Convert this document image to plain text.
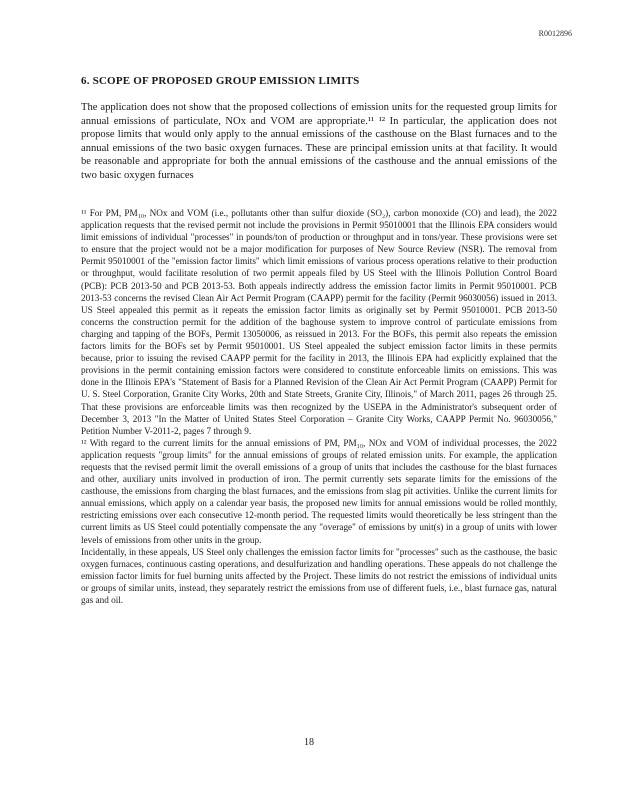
R0012896
6. SCOPE OF PROPOSED GROUP EMISSION LIMITS

The application does not show that the proposed collections of emission units for the requested group limits for annual emissions of particulate, NOx and VOM are appropriate.¹¹ ¹² In particular, the application does not propose limits that would only apply to the annual emissions of the casthouse on the Blast furnaces and to the annual emissions of the two basic oxygen furnaces. These are principal emission units at that facility. It would be reasonable and appropriate for both the annual emissions of the casthouse and the annual emissions of the two basic oxygen furnaces

¹¹ For PM, PM₁₀, NOx and VOM (i.e., pollutants other than sulfur dioxide (SO₂), carbon monoxide (CO) and lead), the 2022 application requests that the revised permit not include the provisions in Permit 95010001 that the Illinois EPA considers would limit emissions of individual "processes" in pounds/ton of production or throughput and in tons/year. These provisions were set to ensure that the project would not be a major modification for purposes of New Source Review (NSR). The removal from Permit 95010001 of the "emission factor limits" which limit emissions of various process operations relative to their production or throughput, would facilitate resolution of two permit appeals filed by US Steel with the Illinois Pollution Control Board (PCB): PCB 2013-50 and PCB 2013-53. Both appeals indirectly address the emission factor limits in Permit 95010001. PCB 2013-53 concerns the revised Clean Air Act Permit Program (CAAPP) permit for the facility (Permit 96030056) issued in 2013. US Steel appealed this permit as it repeats the emission factor limits as originally set by Permit 95010001. PCB 2013-50 concerns the construction permit for the addition of the baghouse system to improve control of particulate emissions from charging and tapping of the BOFs, Permit 13050006, as reissued in 2013. For the BOFs, this permit also repeats the emission factors limits for the BOFs set by Permit 95010001. US Steel appealed the subject emission factor limits in these permits because, prior to issuing the revised CAAPP permit for the facility in 2013, the Illinois EPA had explicitly explained that the provisions in the permit containing emission factors were considered to constitute enforceable limits on emissions. This was done in the Illinois EPA's "Statement of Basis for a Planned Revision of the Clean Air Act Permit Program (CAAPP) Permit for U. S. Steel Corporation, Granite City Works, 20th and State Streets, Granite City, Illinois," of March 2011, pages 26 through 25. That these provisions are enforceable limits was then recognized by the USEPA in the Administrator's subsequent order of December 3, 2013 "In the Matter of United States Steel Corporation – Granite City Works, CAAPP Permit No. 96030056," Petition Number V-2011-2, pages 7 through 9.

¹² With regard to the current limits for the annual emissions of PM, PM₁₀, NOx and VOM of individual processes, the 2022 application requests "group limits" for the annual emissions of groups of related emission units. For example, the application requests that the revised permit limit the overall emissions of a group of units that includes the casthouse for the blast furnaces and other, auxiliary units involved in production of iron. The permit currently sets separate limits for the emissions of the casthouse, the emissions from charging the blast furnaces, and the emissions from slag pit activities. Unlike the current limits for annual emissions, which apply on a calendar year basis, the proposed new limits for annual emissions would be rolled monthly, restricting emissions over each consecutive 12-month period. The requested limits would theoretically be less stringent than the current limits as US Steel could potentially compensate the any "overage" of emissions by unit(s) in a group of units with lower levels of emissions from other units in the group.

Incidentally, in these appeals, US Steel only challenges the emission factor limits for "processes" such as the casthouse, the basic oxygen furnaces, continuous casting operations, and desulfurization and handling operations. These appeals do not challenge the emission factor limits for fuel burning units affected by the Project. These limits do not restrict the emissions of individual units or groups of similar units, instead, they separately restrict the emissions from use of different fuels, i.e., blast furnace gas, natural gas and oil.

18
